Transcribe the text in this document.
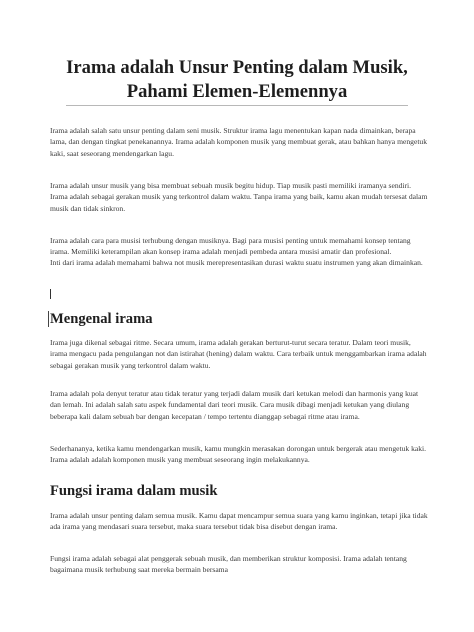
Irama adalah Unsur Penting dalam Musik,
Pahami Elemen-Elemennya

Irama adalah salah satu unsur penting dalam seni musik. Struktur irama lagu menentukan kapan nada dimainkan, berapa lama, dan dengan tingkat penekanannya. Irama adalah komponen musik yang membuat gerak, atau bahkan hanya mengetuk kaki, saat seseorang mendengarkan lagu.

Irama adalah unsur musik yang bisa membuat sebuah musik begitu hidup. Tiap musik pasti memiliki iramanya sendiri. Irama adalah sebagai gerakan musik yang terkontrol dalam waktu. Tanpa irama yang baik, kamu akan mudah tersesat dalam musik dan tidak sinkron.

Irama adalah cara para musisi terhubung dengan musiknya. Bagi para musisi penting untuk memahami konsep tentang irama. Memiliki keterampilan akan konsep irama adalah menjadi pembeda antara musisi amatir dan profesional.

Inti dari irama adalah memahami bahwa not musik merepresentasikan durasi waktu suatu instrumen yang akan dimainkan.

Mengenal irama

Irama juga dikenal sebagai ritme. Secara umum, irama adalah gerakan berturut-turut secara teratur. Dalam teori musik, irama mengacu pada pengulangan not dan istirahat (hening) dalam waktu. Cara terbaik untuk menggambarkan irama adalah sebagai gerakan musik yang terkontrol dalam waktu.

Irama adalah pola denyut teratur atau tidak teratur yang terjadi dalam musik dari ketukan melodi dan harmonis yang kuat dan lemah. Ini adalah salah satu aspek fundamental dari teori musik. Cara musik dibagi menjadi ketukan yang diulang beberapa kali dalam sebuah bar dengan kecepatan / tempo tertentu dianggap sebagai ritme atau irama.

Sederhananya, ketika kamu mendengarkan musik, kamu mungkin merasakan dorongan untuk bergerak atau mengetuk kaki. Irama adalah adalah komponen musik yang membuat seseorang ingin melakukannya.

Fungsi irama dalam musik

Irama adalah unsur penting dalam semua musik. Kamu dapat mencampur semua suara yang kamu inginkan, tetapi jika tidak ada irama yang mendasari suara tersebut, maka suara tersebut tidak bisa disebut dengan irama.

Fungsi irama adalah sebagai alat penggerak sebuah musik, dan memberikan struktur komposisi. Irama adalah tentang bagaimana musik terhubung saat mereka bermain bersama
